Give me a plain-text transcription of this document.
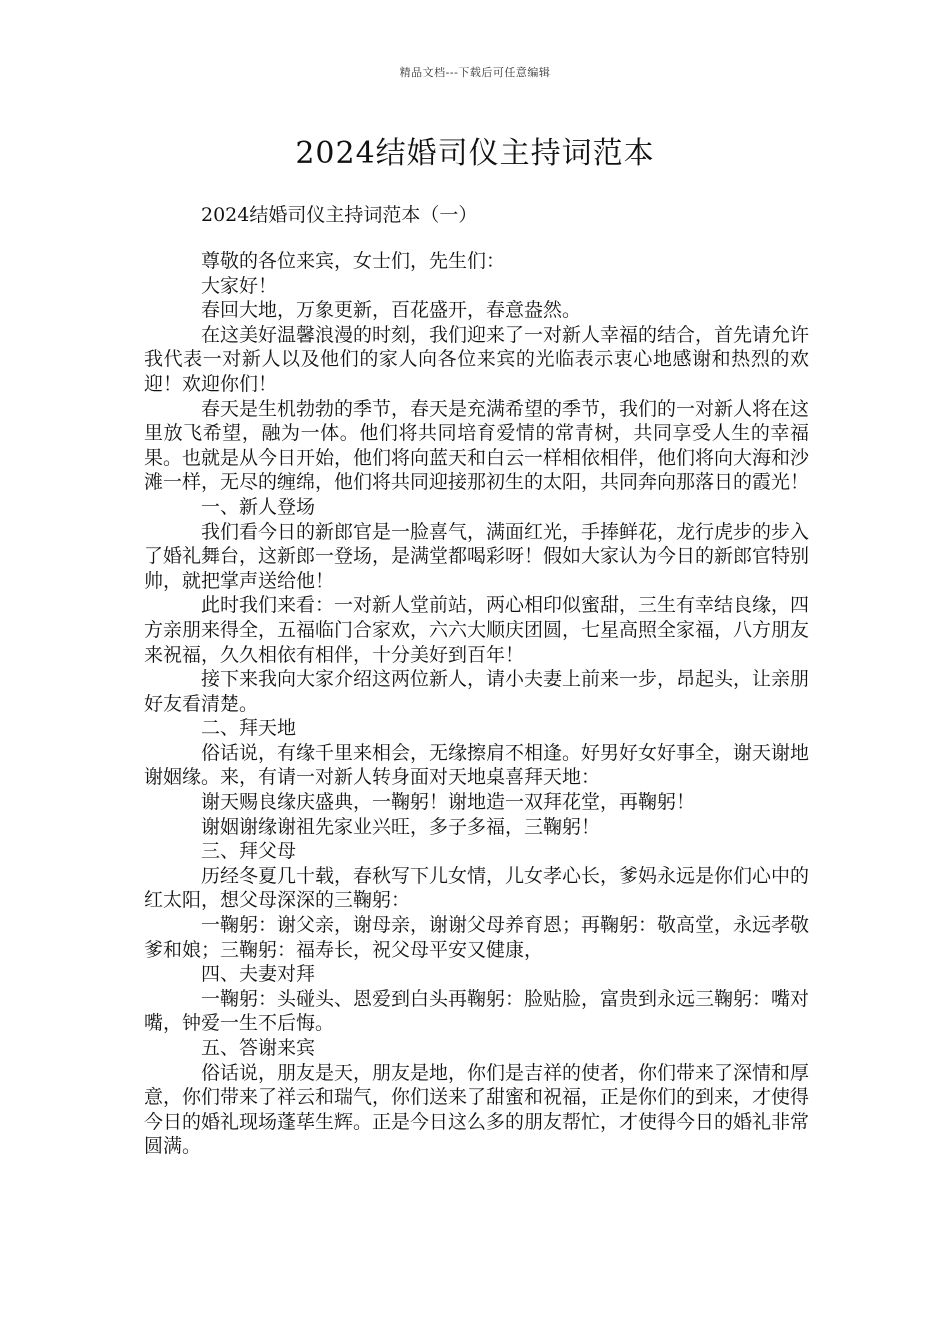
精品文档---下载后可任意编辑
2024结婚司仪主持词范本
2024结婚司仪主持词范本（一）

尊敬的各位来宾，女士们，先生们：

大家好！

春回大地，万象更新，百花盛开，春意盎然。

在这美好温馨浪漫的时刻，我们迎来了一对新人幸福的结合，首先请允许我代表一对新人以及他们的家人向各位来宾的光临表示衷心地感谢和热烈的欢迎！欢迎你们！

春天是生机勃勃的季节，春天是充满希望的季节，我们的一对新人将在这里放飞希望，融为一体。他们将共同培育爱情的常青树，共同享受人生的幸福果。也就是从今日开始，他们将向蓝天和白云一样相依相伴，他们将向大海和沙滩一样，无尽的缠绵，他们将共同迎接那初生的太阳，共同奔向那落日的霞光！

一、新人登场

我们看今日的新郎官是一脸喜气，满面红光，手捧鲜花，龙行虎步的步入了婚礼舞台，这新郎一登场，是满堂都喝彩呀！假如大家认为今日的新郎官特别帅，就把掌声送给他！

此时我们来看：一对新人堂前站，两心相印似蜜甜，三生有幸结良缘，四方亲朋来得全，五福临门合家欢，六六大顺庆团圆，七星高照全家福，八方朋友来祝福，久久相依有相伴，十分美好到百年！

接下来我向大家介绍这两位新人，请小夫妻上前来一步，昂起头，让亲朋好友看清楚。

二、拜天地

俗话说，有缘千里来相会，无缘擦肩不相逢。好男好女好事全，谢天谢地谢姻缘。来，有请一对新人转身面对天地桌喜拜天地：

谢天赐良缘庆盛典，一鞠躬！谢地造一双拜花堂，再鞠躬！

谢姻谢缘谢祖先家业兴旺，多子多福，三鞠躬！

三、拜父母

历经冬夏几十载，春秋写下儿女情，儿女孝心长，爹妈永远是你们心中的红太阳，想父母深深的三鞠躬：

一鞠躬：谢父亲，谢母亲，谢谢父母养育恩；再鞠躬：敬高堂，永远孝敬爹和娘；三鞠躬：福寿长，祝父母平安又健康，

四、夫妻对拜

一鞠躬：头碰头、恩爱到白头再鞠躬：脸贴脸，富贵到永远三鞠躬：嘴对嘴，钟爱一生不后悔。

五、答谢来宾

俗话说，朋友是天，朋友是地，你们是吉祥的使者，你们带来了深情和厚意，你们带来了祥云和瑞气，你们送来了甜蜜和祝福，正是你们的到来，才使得今日的婚礼现场蓬荜生辉。正是今日这么多的朋友帮忙，才使得今日的婚礼非常圆满。
